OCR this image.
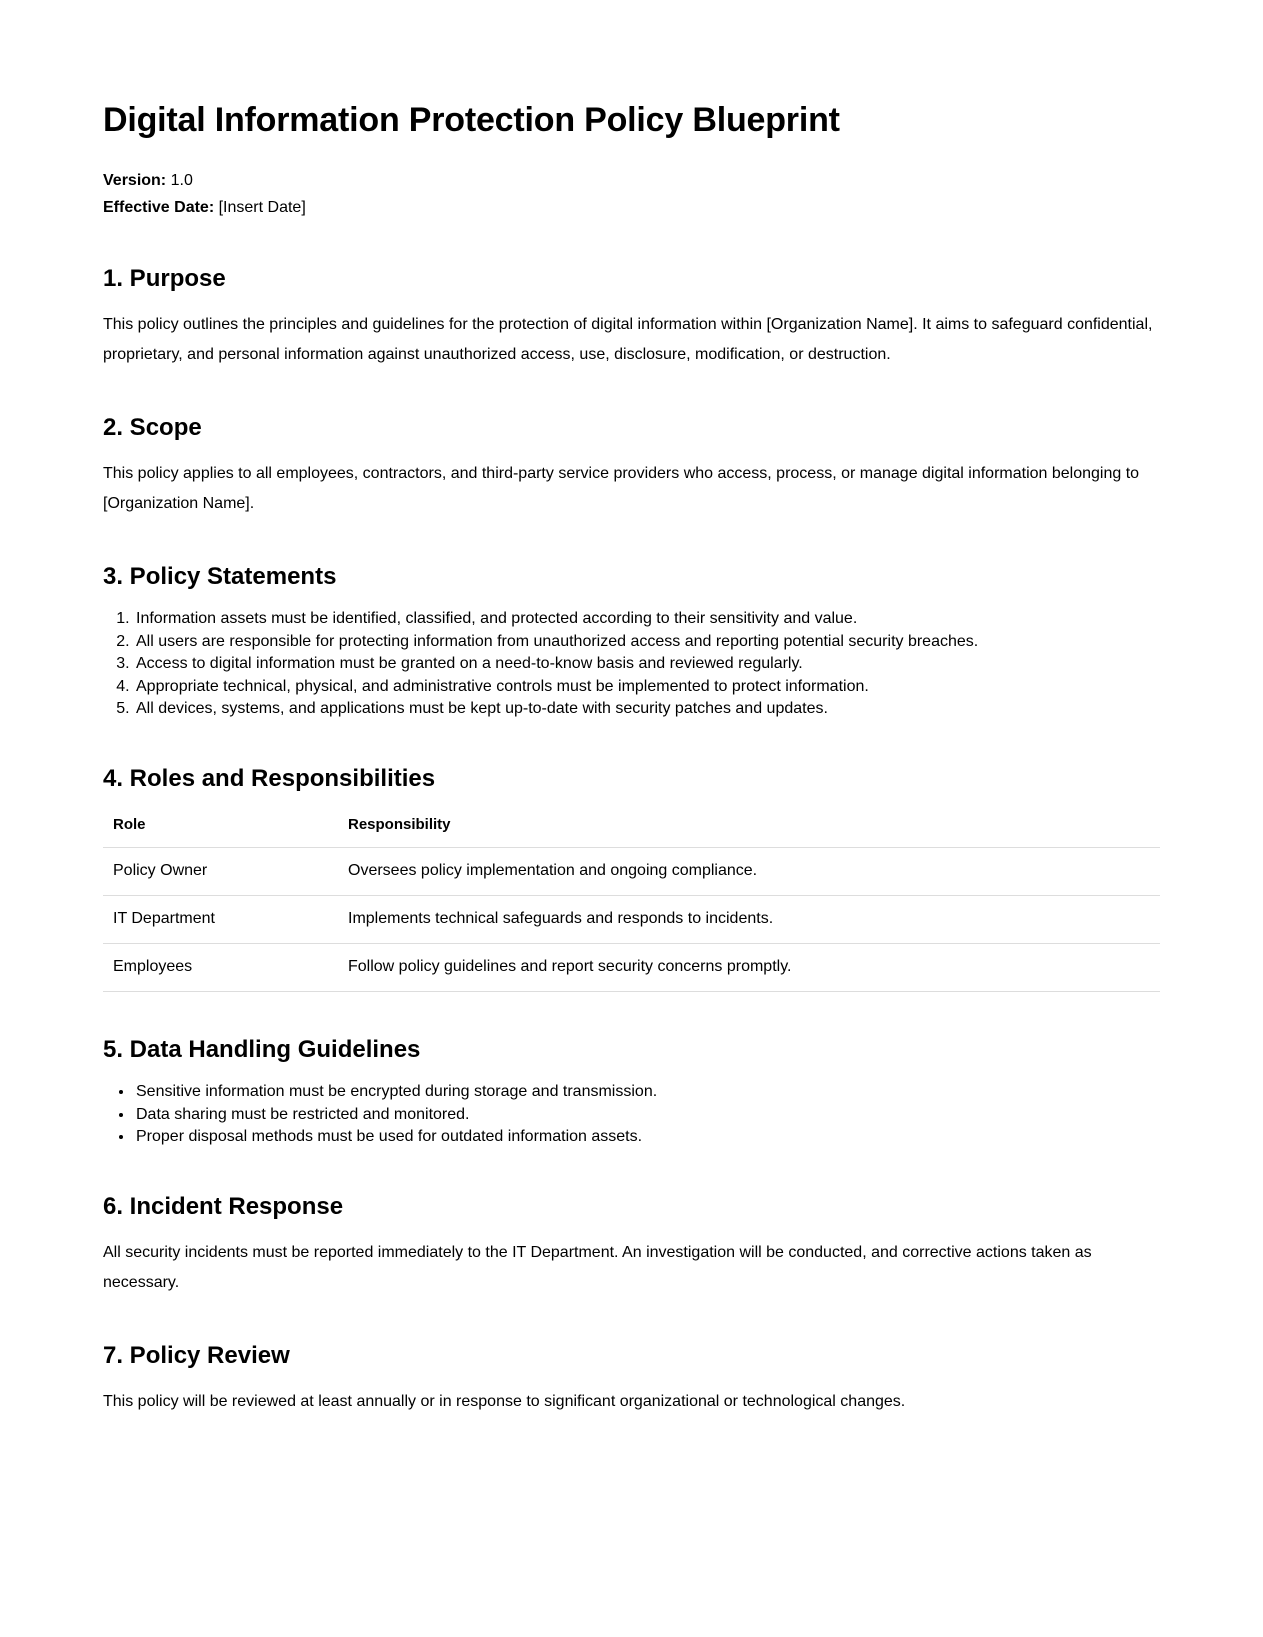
Digital Information Protection Policy Blueprint

Version: 1.0

Effective Date: [Insert Date]

1. Purpose

This policy outlines the principles and guidelines for the protection of digital information within [Organization Name]. It aims to safeguard confidential, proprietary, and personal information against unauthorized access, use, disclosure, modification, or destruction.

2. Scope

This policy applies to all employees, contractors, and third-party service providers who access, process, or manage digital information belonging to [Organization Name].

3. Policy Statements
1. Information assets must be identified, classified, and protected according to their sensitivity and value.
2. All users are responsible for protecting information from unauthorized access and reporting potential security breaches.
3. Access to digital information must be granted on a need-to-know basis and reviewed regularly.
4. Appropriate technical, physical, and administrative controls must be implemented to protect information.
5. All devices, systems, and applications must be kept up-to-date with security patches and updates.
4. Roles and Responsibilities
Role	Responsibility
Policy Owner	Oversees policy implementation and ongoing compliance.
IT Department	Implements technical safeguards and responds to incidents.
Employees	Follow policy guidelines and report security concerns promptly.
5. Data Handling Guidelines
• Sensitive information must be encrypted during storage and transmission.
• Data sharing must be restricted and monitored.
• Proper disposal methods must be used for outdated information assets.
6. Incident Response

All security incidents must be reported immediately to the IT Department. An investigation will be conducted, and corrective actions taken as necessary.

7. Policy Review

This policy will be reviewed at least annually or in response to significant organizational or technological changes.
